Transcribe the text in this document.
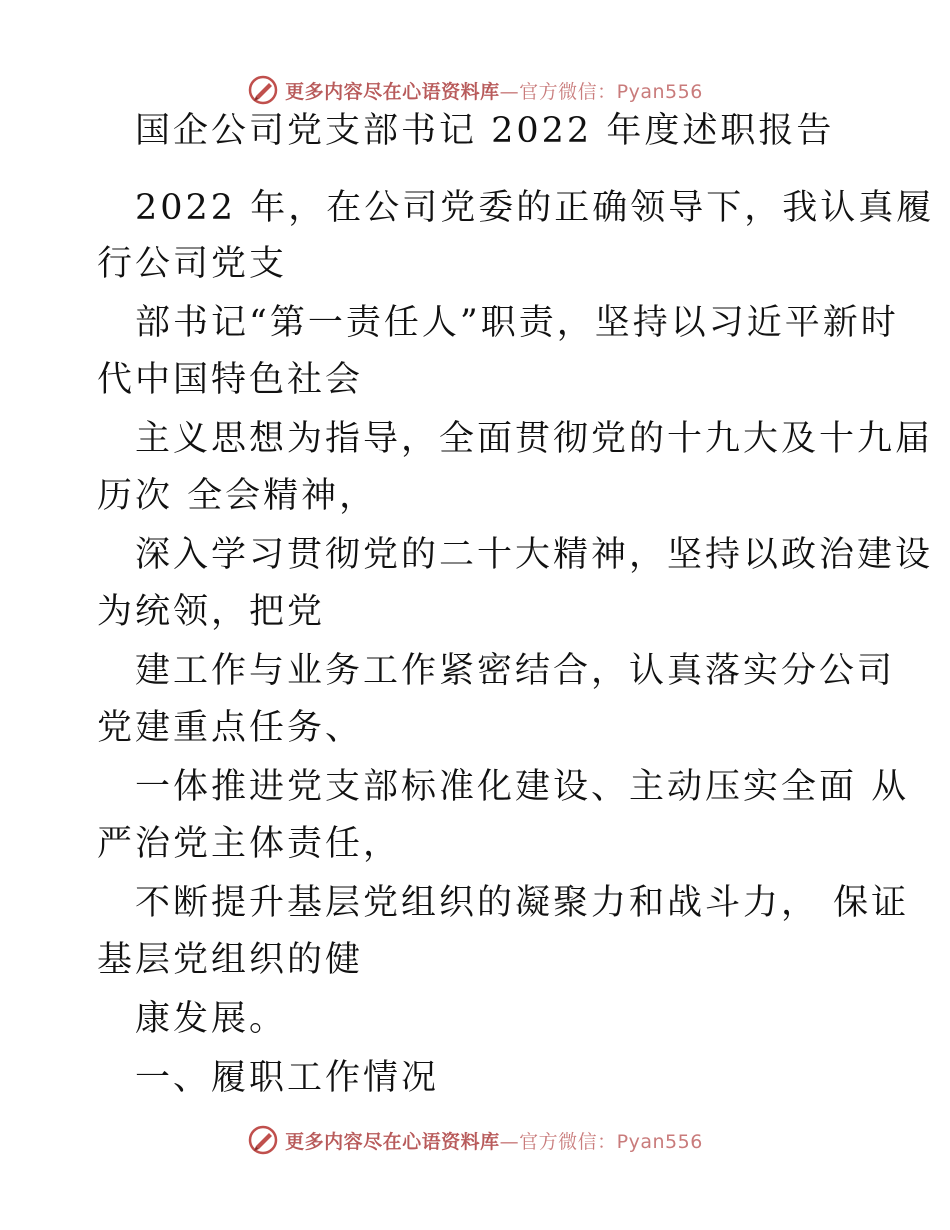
更多内容尽在心语资料库—官方微信：Pyan556
国企公司党支部书记 2022 年度述职报告
2022 年，在公司党委的正确领导下，我认真履
行公司党支
部书记“第一责任人”职责，坚持以习近平新时
代中国特色社会
主义思想为指导，全面贯彻党的十九大及十九届
历次 全会精神，
深入学习贯彻党的二十大精神，坚持以政治建设
为统领，把党
建工作与业务工作紧密结合，认真落实分公司
党建重点任务、
一体推进党支部标准化建设、主动压实全面 从
严治党主体责任，
不断提升基层党组织的凝聚力和战斗力， 保证
基层党组织的健
康发展。
一、履职工作情况
更多内容尽在心语资料库—官方微信：Pyan556
